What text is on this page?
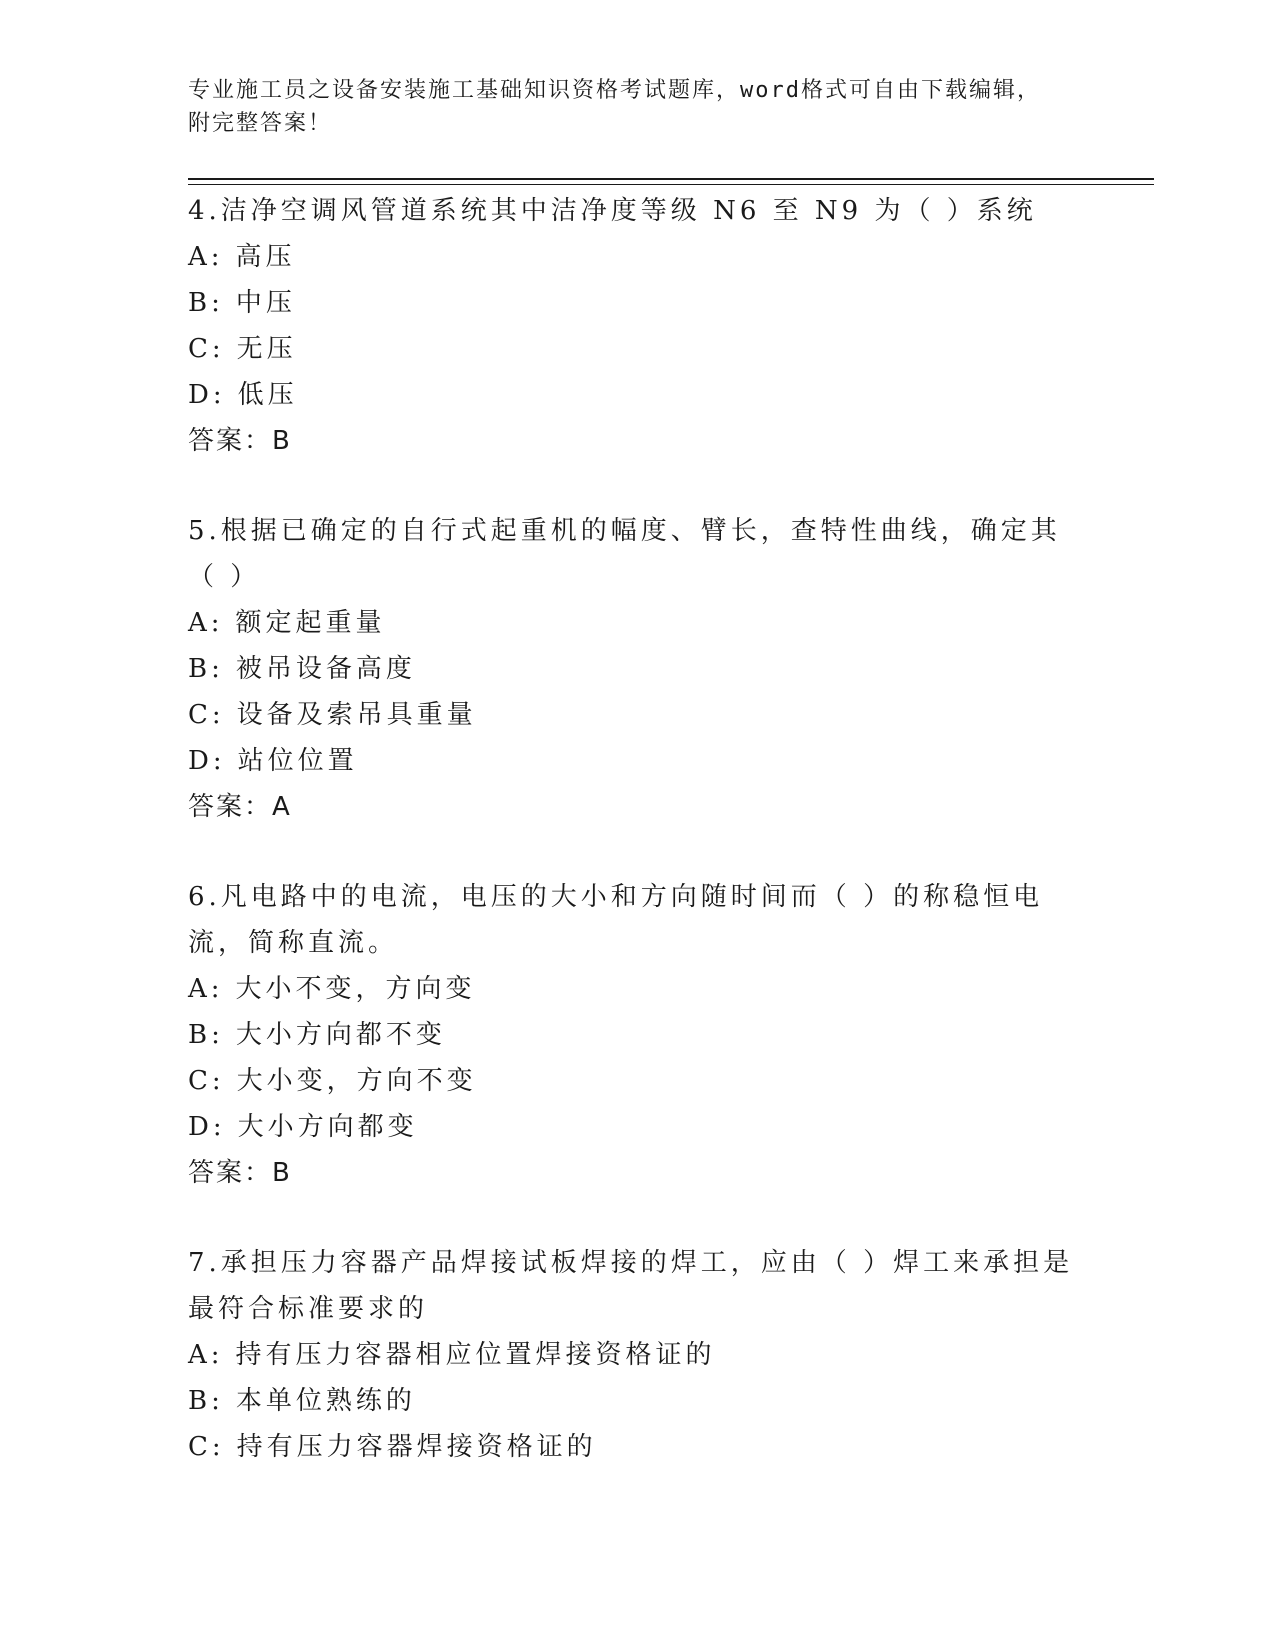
专业施工员之设备安装施工基础知识资格考试题库，word格式可自由下载编辑，
附完整答案！
4.洁净空调风管道系统其中洁净度等级 N6 至 N9 为（ ）系统
A: 高压
B: 中压
C: 无压
D: 低压
答案：B
5.根据已确定的自行式起重机的幅度、臂长，查特性曲线，确定其（ ）
A: 额定起重量
B: 被吊设备高度
C: 设备及索吊具重量
D: 站位位置
答案：A
6.凡电路中的电流，电压的大小和方向随时间而（ ）的称稳恒电流，简称直流。
A: 大小不变，方向变
B: 大小方向都不变
C: 大小变，方向不变
D: 大小方向都变
答案：B
7.承担压力容器产品焊接试板焊接的焊工，应由（ ）焊工来承担是最符合标准要求的
A: 持有压力容器相应位置焊接资格证的
B: 本单位熟练的
C: 持有压力容器焊接资格证的
